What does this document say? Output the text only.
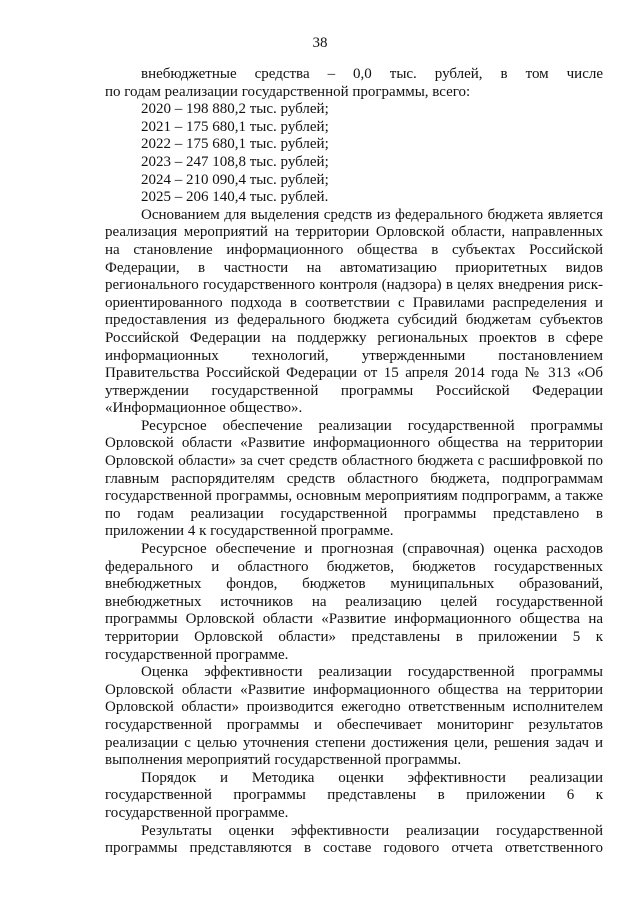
38

внебюджетные средства – 0,0 тыс. рублей, в том числе

по годам реализации государственной программы, всего:

2020 – 198 880,2 тыс. рублей;

2021 – 175 680,1 тыс. рублей;

2022 – 175 680,1 тыс. рублей;

2023 – 247 108,8 тыс. рублей;

2024 – 210 090,4 тыс. рублей;

2025 – 206 140,4 тыс. рублей.

Основанием для выделения средств из федерального бюджета является реализация мероприятий на территории Орловской области, направленных на становление информационного общества в субъектах Российской Федерации, в частности на автоматизацию приоритетных видов регионального государственного контроля (надзора) в целях внедрения риск-ориентированного подхода в соответствии с Правилами распределения и предоставления из федерального бюджета субсидий бюджетам субъектов Российской Федерации на поддержку региональных проектов в сфере информационных технологий, утвержденными постановлением Правительства Российской Федерации от 15 апреля 2014 года № 313 «Об утверждении государственной программы Российской Федерации «Информационное общество».

Ресурсное обеспечение реализации государственной программы Орловской области «Развитие информационного общества на территории Орловской области» за счет средств областного бюджета с расшифровкой по главным распорядителям средств областного бюджета, подпрограммам государственной программы, основным мероприятиям подпрограмм, а также по годам реализации государственной программы представлено в приложении 4 к государственной программе.

Ресурсное обеспечение и прогнозная (справочная) оценка расходов федерального и областного бюджетов, бюджетов государственных внебюджетных фондов, бюджетов муниципальных образований, внебюджетных источников на реализацию целей государственной программы Орловской области «Развитие информационного общества на территории Орловской области» представлены в приложении 5 к государственной программе.

Оценка эффективности реализации государственной программы Орловской области «Развитие информационного общества на территории Орловской области» производится ежегодно ответственным исполнителем государственной программы и обеспечивает мониторинг результатов реализации с целью уточнения степени достижения цели, решения задач и выполнения мероприятий государственной программы.

Порядок и Методика оценки эффективности реализации государственной программы представлены в приложении 6 к государственной программе.

Результаты оценки эффективности реализации государственной программы представляются в составе годового отчета ответственного
